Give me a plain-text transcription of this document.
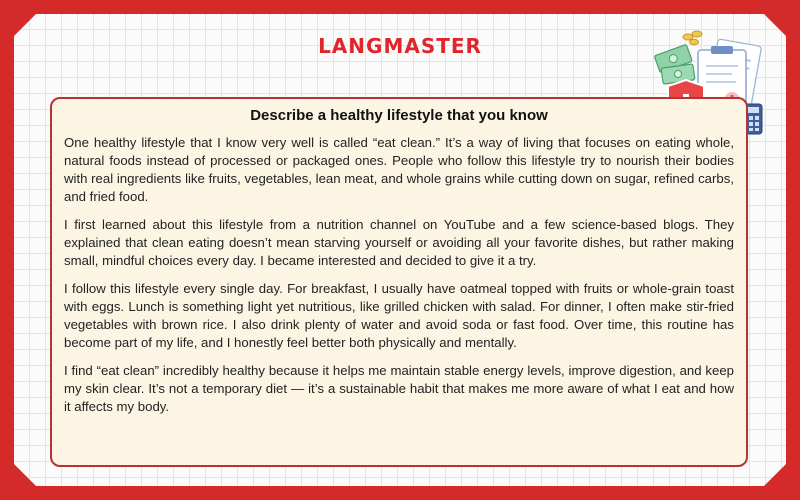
LANGMASTER
Describe a healthy lifestyle that you know

One healthy lifestyle that I know very well is called “eat clean.” It’s a way of living that focuses on eating whole, natural foods instead of processed or packaged ones. People who follow this lifestyle try to nourish their bodies with real ingredients like fruits, vegetables, lean meat, and whole grains while cutting down on sugar, refined carbs, and fried food.

I first learned about this lifestyle from a nutrition channel on YouTube and a few science-based blogs. They explained that clean eating doesn’t mean starving yourself or avoiding all your favorite dishes, but rather making small, mindful choices every day. I became interested and decided to give it a try.

I follow this lifestyle every single day. For breakfast, I usually have oatmeal topped with fruits or whole-grain toast with eggs. Lunch is something light yet nutritious, like grilled chicken with salad. For dinner, I often make stir-fried vegetables with brown rice. I also drink plenty of water and avoid soda or fast food. Over time, this routine has become part of my life, and I honestly feel better both physically and mentally.

I find “eat clean” incredibly healthy because it helps me maintain stable energy levels, improve digestion, and keep my skin clear. It’s not a temporary diet — it’s a sustainable habit that makes me more aware of what I eat and how it affects my body.
